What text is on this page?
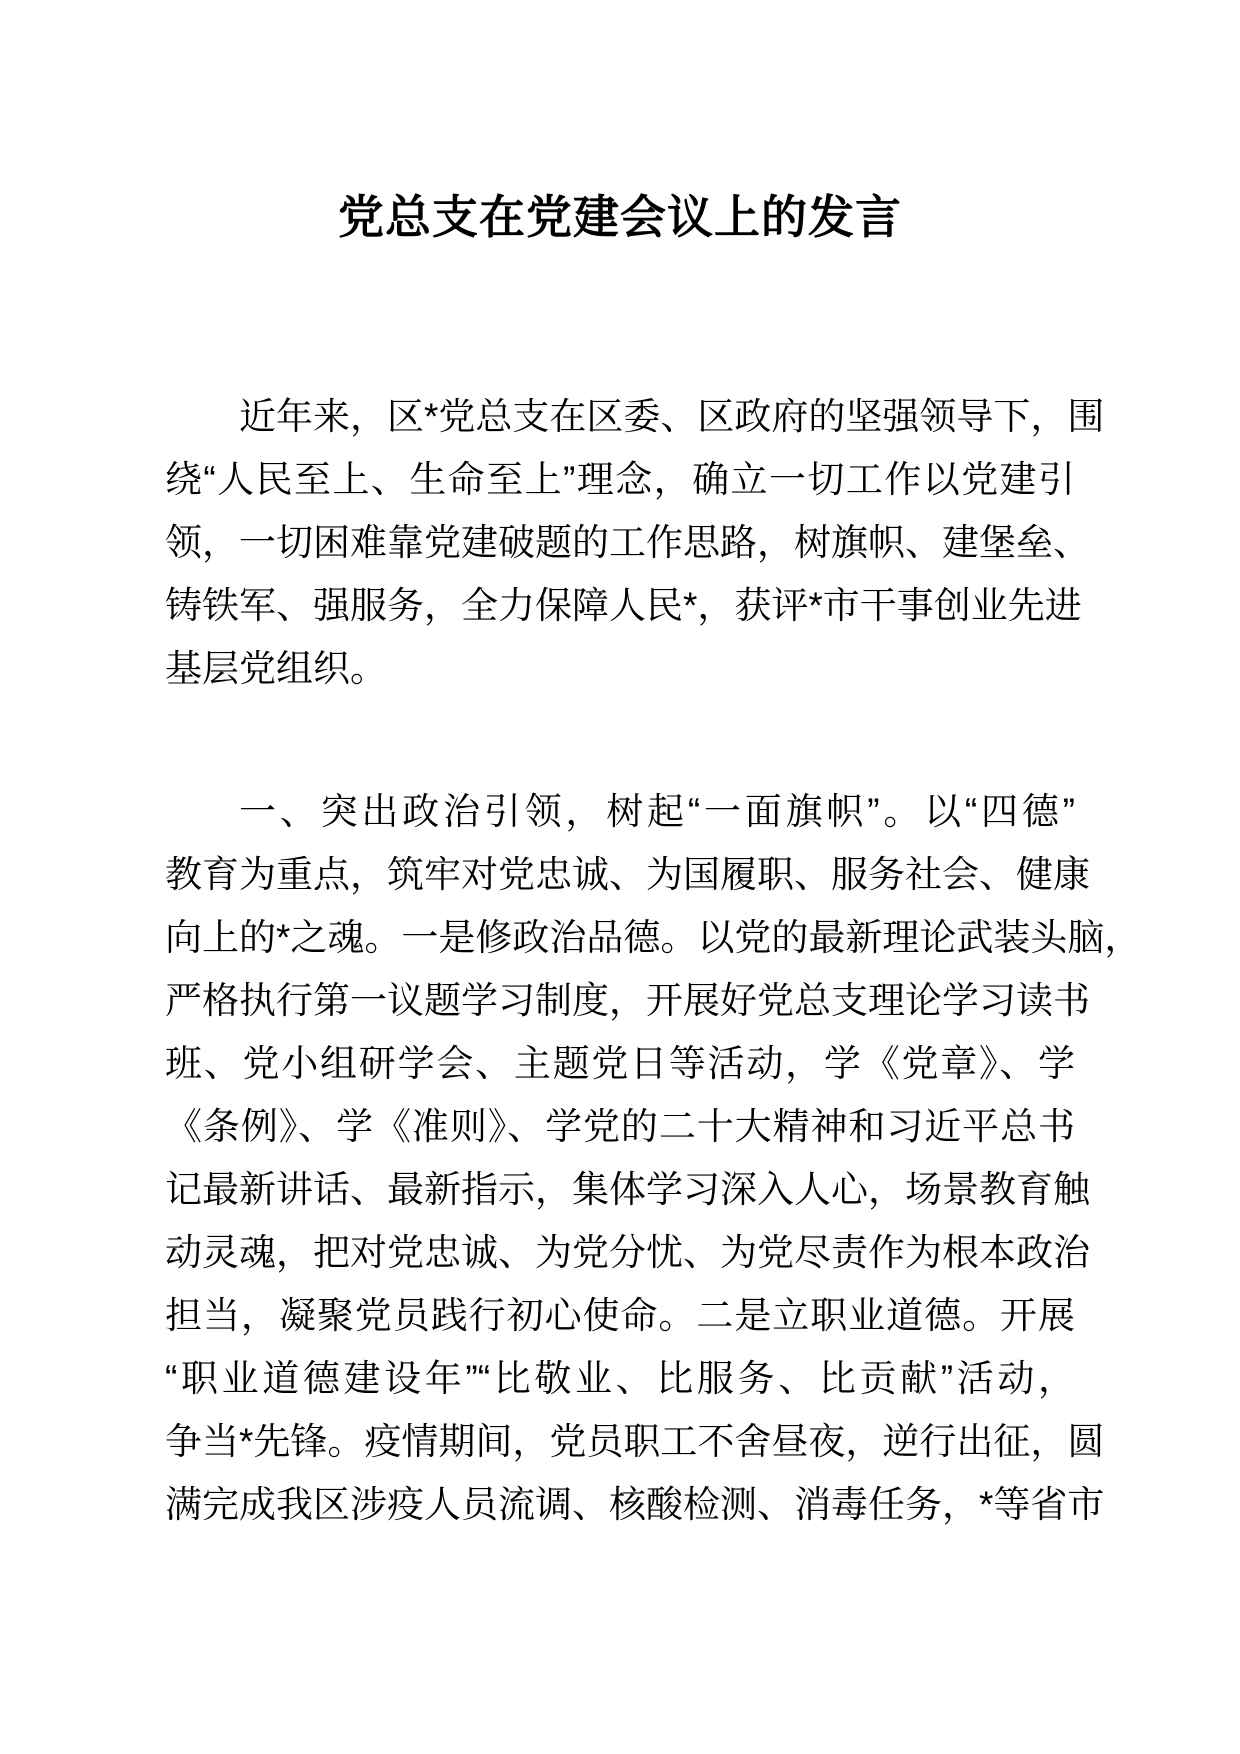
党总支在党建会议上的发言
近年来，区*党总支在区委、区政府的坚强领导下，围
绕“人民至上、生命至上”理念，确立一切工作以党建引
领，一切困难靠党建破题的工作思路，树旗帜、建堡垒、
铸铁军、强服务，全力保障人民*，获评*市干事创业先进
基层党组织。
一、突出政治引领，树起“一面旗帜”。以“四德”
教育为重点，筑牢对党忠诚、为国履职、服务社会、健康
向上的*之魂。一是修政治品德。以党的最新理论武装头脑，
严格执行第一议题学习制度，开展好党总支理论学习读书
班、党小组研学会、主题党日等活动，学《党章》、学
《条例》、学《准则》、学党的二十大精神和习近平总书
记最新讲话、最新指示，集体学习深入人心，场景教育触
动灵魂，把对党忠诚、为党分忧、为党尽责作为根本政治
担当，凝聚党员践行初心使命。二是立职业道德。开展
“职业道德建设年”“比敬业、比服务、比贡献”活动，
争当*先锋。疫情期间，党员职工不舍昼夜，逆行出征，圆
满完成我区涉疫人员流调、核酸检测、消毒任务，*等省市
